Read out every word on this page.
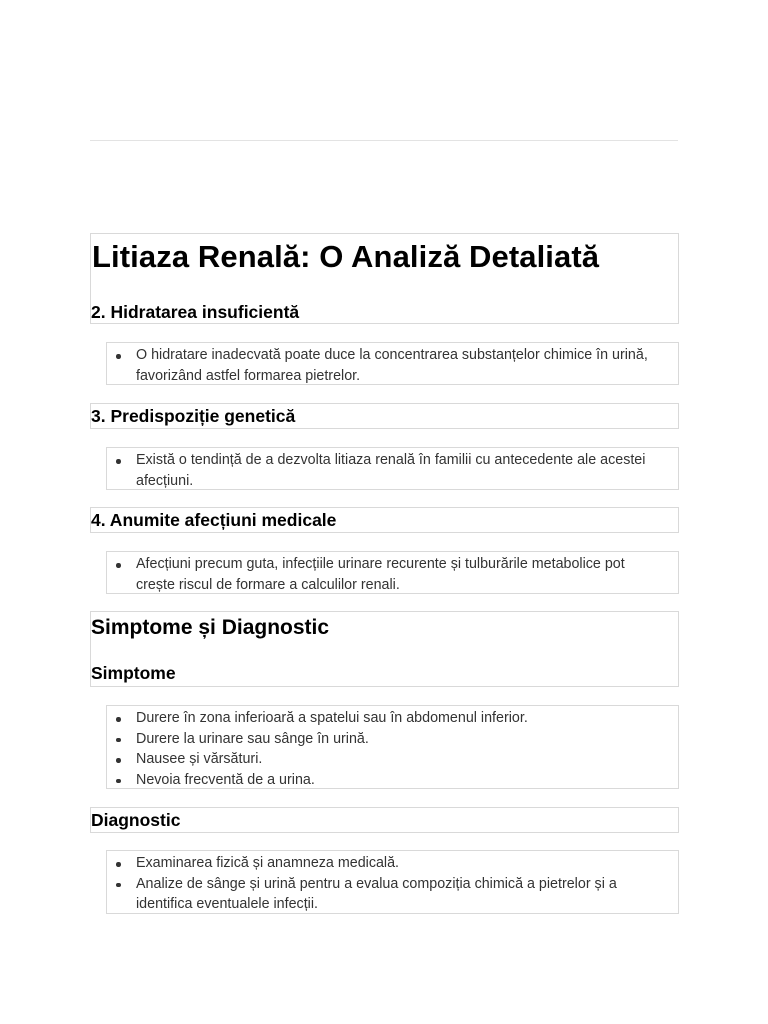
Litiaza Renală: O Analiză Detaliată
2. Hidratarea insuficientă
O hidratare inadecvată poate duce la concentrarea substanțelor chimice în urină, favorizând astfel formarea pietrelor.
3. Predispoziție genetică
Există o tendință de a dezvolta litiaza renală în familii cu antecedente ale acestei afecțiuni.
4. Anumite afecțiuni medicale
Afecțiuni precum guta, infecțiile urinare recurente și tulburările metabolice pot crește riscul de formare a calculilor renali.
Simptome și Diagnostic
Simptome
Durere în zona inferioară a spatelui sau în abdomenul inferior.
Durere la urinare sau sânge în urină.
Nausee și vărsături.
Nevoia frecventă de a urina.
Diagnostic
Examinarea fizică și anamneza medicală.
Analize de sânge și urină pentru a evalua compoziția chimică a pietrelor și a identifica eventualele infecții.
